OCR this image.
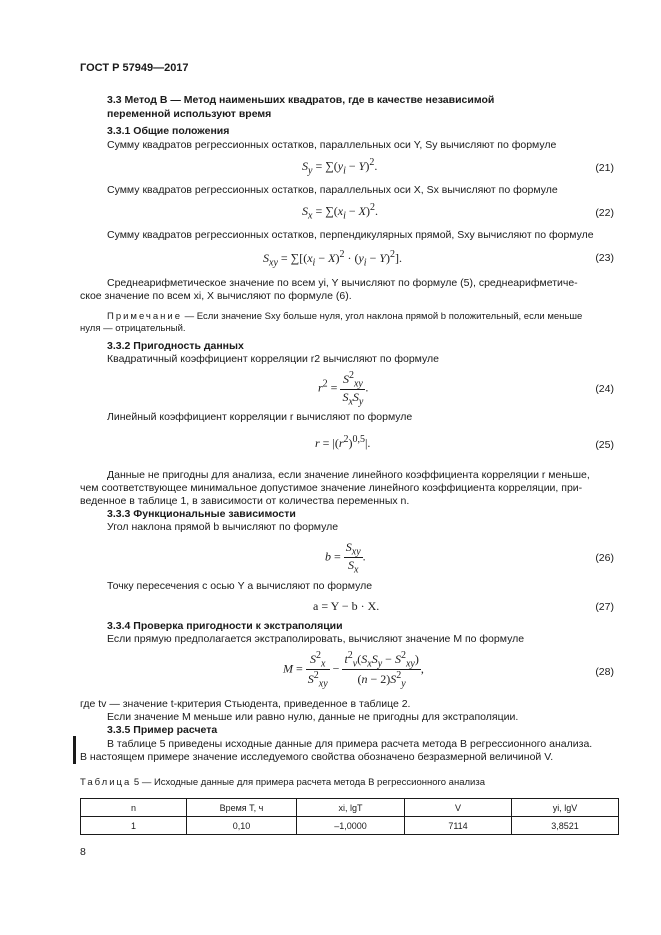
ГОСТ Р 57949—2017
3.3 Метод B — Метод наименьших квадратов, где в качестве независимой
переменной используют время
3.3.1 Общие положения
Сумму квадратов регрессионных остатков, параллельных оси Y, Sy вычисляют по формуле
$S_y = \sum(y_i - Y)^2$.	(21)
Сумму квадратов регрессионных остатков, параллельных оси X, Sx вычисляют по формуле
$S_x = \sum(x_i - X)^2$.	(22)
Сумму квадратов регрессионных остатков, перпендикулярных прямой, Sxy вычисляют по формуле
$S_{xy} = \sum[(x_i - X)^2 \cdot (y_i - Y)^2]$.	(23)
Среднеарифметическое значение по всем yi, Y вычисляют по формуле (5), среднеарифметиче-
ское значение по всем xi, X вычисляют по формуле (6).
Примечание — Если значение Sxy больше нуля, угол наклона прямой b положительный, если меньше
нуля — отрицательный.
3.3.2 Пригодность данных
Квадратичный коэффициент корреляции r2 вычисляют по формуле
$r^2 = \frac{S^2_{xy}}{S_xS_y}$ .	(24)
Линейный коэффициент корреляции r вычисляют по формуле
$r = |(r^2)^{0,5}|$.	(25)
Данные не пригодны для анализа, если значение линейного коэффициента корреляции r меньше,
чем соответствующее минимальное допустимое значение линейного коэффициента корреляции, при-
веденное в таблице 1, в зависимости от количества переменных n.
3.3.3 Функциональные зависимости
Угол наклона прямой b вычисляют по формуле
$b = \frac{S_{xy}}{S_x}$ .	(26)
Точку пересечения с осью Y a вычисляют по формуле
a = Y − b · X.	(27)
3.3.4 Проверка пригодности к экстраполяции
Если прямую предполагается экстраполировать, вычисляют значение M по формуле
$M = \frac{S^2_x}{S^2_{xy}} - \frac{t^2_v(S_xS_y - S^2_{xy})}{(n - 2)S^2_y}$ ,	(28)
где tv — значение t-критерия Стьюдента, приведенное в таблице 2.
Если значение M меньше или равно нулю, данные не пригодны для экстраполяции.
3.3.5 Пример расчета
В таблице 5 приведены исходные данные для примера расчета метода B регрессионного анализа.
В настоящем примере значение исследуемого свойства обозначено безразмерной величиной V.
Таблица 5 — Исходные данные для примера расчета метода B регрессионного анализа
n	Время T, ч	xi, lgT	V	yi, lgV
1	0,10	–1,0000	7114	3,8521
8
